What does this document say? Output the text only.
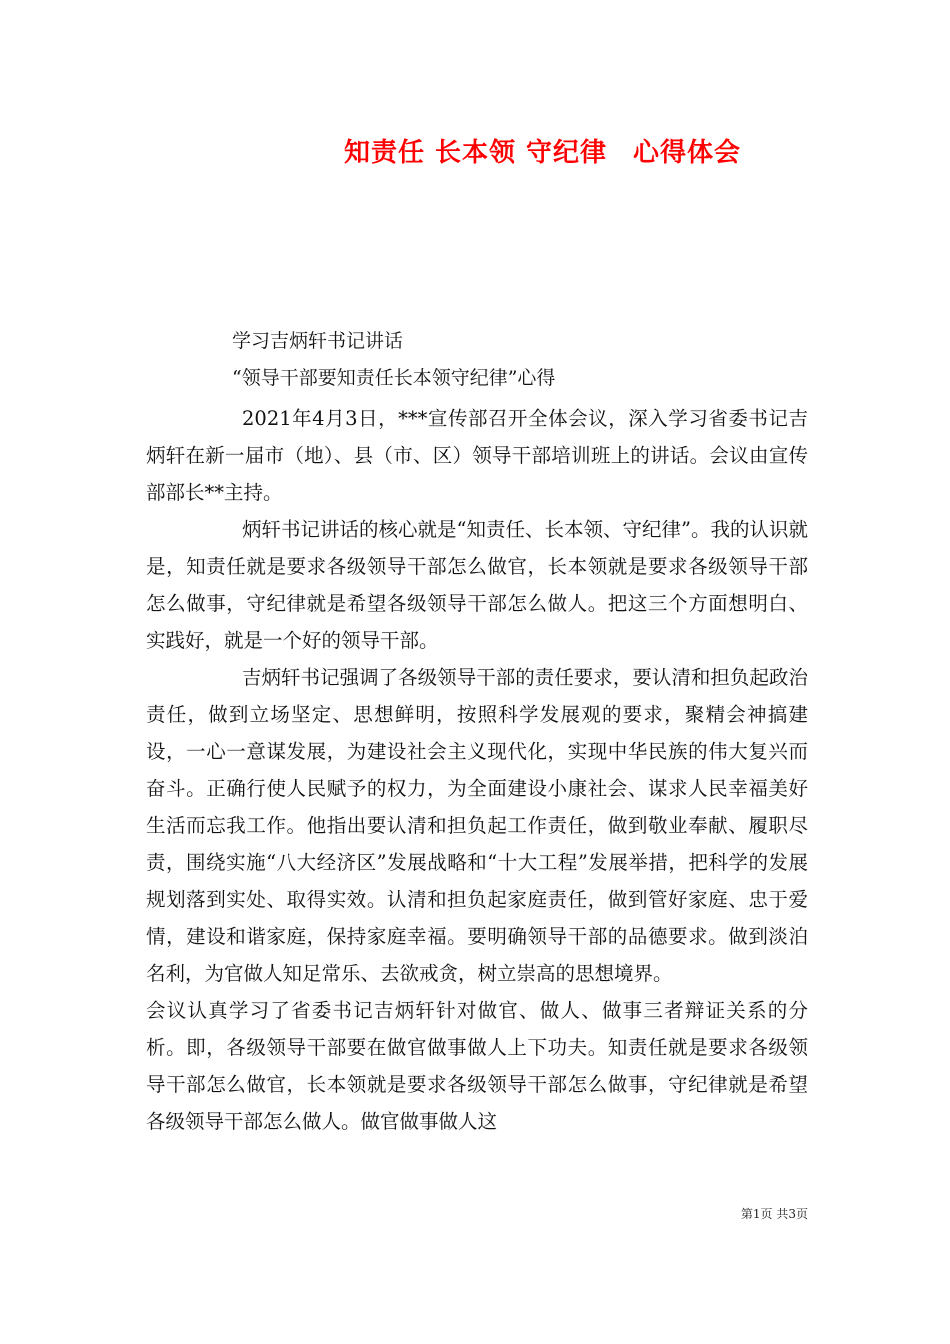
知责任 长本领 守纪律 心得体会
学习吉炳轩书记讲话
“领导干部要知责任长本领守纪律”心得

2021年4月3日，***宣传部召开全体会议，深入学习省委书记吉炳轩在新一届市（地）、县（市、区）领导干部培训班上的讲话。会议由宣传部部长**主持。

炳轩书记讲话的核心就是“知责任、长本领、守纪律”。我的认识就是，知责任就是要求各级领导干部怎么做官，长本领就是要求各级领导干部怎么做事，守纪律就是希望各级领导干部怎么做人。把这三个方面想明白、实践好，就是一个好的领导干部。

吉炳轩书记强调了各级领导干部的责任要求，要认清和担负起政治责任，做到立场坚定、思想鲜明，按照科学发展观的要求，聚精会神搞建设，一心一意谋发展，为建设社会主义现代化，实现中华民族的伟大复兴而奋斗。正确行使人民赋予的权力，为全面建设小康社会、谋求人民幸福美好生活而忘我工作。他指出要认清和担负起工作责任，做到敬业奉献、履职尽责，围绕实施“八大经济区”发展战略和“十大工程”发展举措，把科学的发展规划落到实处、取得实效。认清和担负起家庭责任，做到管好家庭、忠于爱情，建设和谐家庭，保持家庭幸福。要明确领导干部的品德要求。做到淡泊名利，为官做人知足常乐、去欲戒贪，树立崇高的思想境界。

会议认真学习了省委书记吉炳轩针对做官、做人、做事三者辩证关系的分析。即，各级领导干部要在做官做事做人上下功夫。知责任就是要求各级领导干部怎么做官，长本领就是要求各级领导干部怎么做事，守纪律就是希望各级领导干部怎么做人。做官做事做人这

第1页 共3页
